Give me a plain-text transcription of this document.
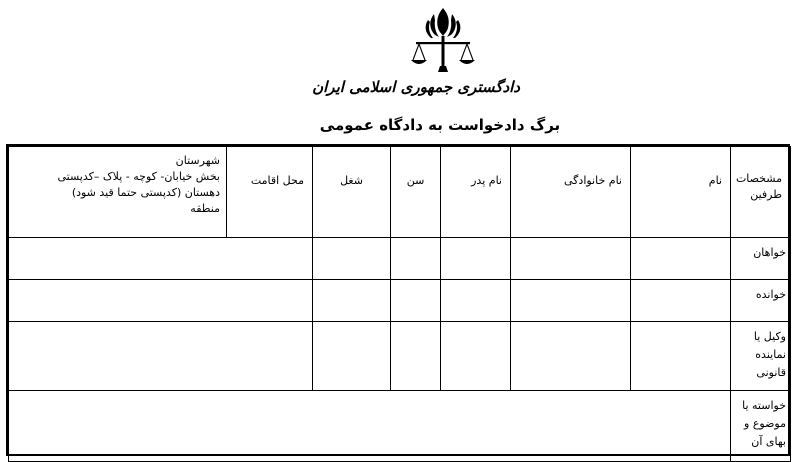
دادگستری جمهوری اسلامی ایران
برگ دادخواست به دادگاه عمومی
مشخصات طرفین	نام	نام خانوادگی	نام پدر	سن	شغل	محل اقامت	شهرستان
بخش خیابان- کوچه - پلاک –کدپستی
دهستان (کدپستی حتما قید شود)
منطقه

خواهان							

خوانده							

وکیل یا نماینده قانونی							

خواسته یا موضوع و بهای آن							
